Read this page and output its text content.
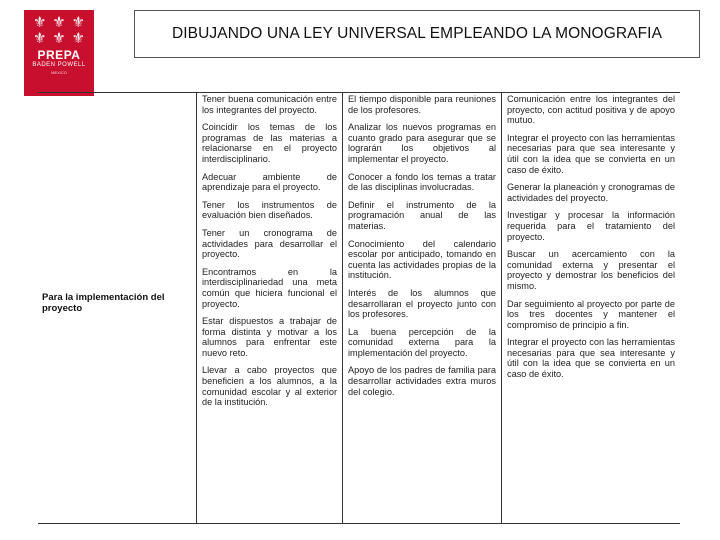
⚜ ⚜ ⚜
⚜ ⚜ ⚜
PREPA
BADEN POWELL
MEXICO
DIBUJANDO UNA LEY UNIVERSAL EMPLEANDO LA MONOGRAFIA
Para la implementación del proyecto

Tener buena comunicación entre los integrantes del proyecto.

Coincidir los temas de los programas de las materias a relacionarse en el proyecto interdisciplinario.

Adecuar ambiente de aprendizaje para el proyecto.

Tener los instrumentos de evaluación bien diseñados.

Tener un cronograma de actividades para desarrollar el proyecto.

Encontramos en la interdisciplinariedad una meta común que hiciera funcional el proyecto.

Estar dispuestos a trabajar de forma distinta y motivar a los alumnos para enfrentar este nuevo reto.

Llevar a cabo proyectos que beneficien a los alumnos, a la comunidad escolar y al exterior de la institución.

El tiempo disponible para reuniones de los profesores.

Analizar los nuevos programas en cuanto grado para asegurar que se lograrán los objetivos al implementar el proyecto.

Conocer a fondo los temas a tratar de las disciplinas involucradas.

Definir el instrumento de la programación anual de las materias.

Conocimiento del calendario escolar por anticipado, tomando en cuenta las actividades propias de la institución.

Interés de los alumnos que desarrollaran el proyecto junto con los profesores.

La buena percepción de la comunidad externa para la implementación del proyecto.

Apoyo de los padres de familia para desarrollar actividades extra muros del colegio.

Comunicación entre los integrantes del proyecto, con actitud positiva y de apoyo mutuo.

Integrar el proyecto con las herramientas necesarias para que sea interesante y útil con la idea que se convierta en un caso de éxito.

Generar la planeación y cronogramas de actividades del proyecto.

Investigar y procesar la información requerida para el tratamiento del proyecto.

Buscar un acercamiento con la comunidad externa y presentar el proyecto y demostrar los beneficios del mismo.

Dar seguimiento al proyecto por parte de los tres docentes y mantener el compromiso de principio a fin.

Integrar el proyecto con las herramientas necesarias para que sea interesante y útil con la idea que se convierta en un caso de éxito.
